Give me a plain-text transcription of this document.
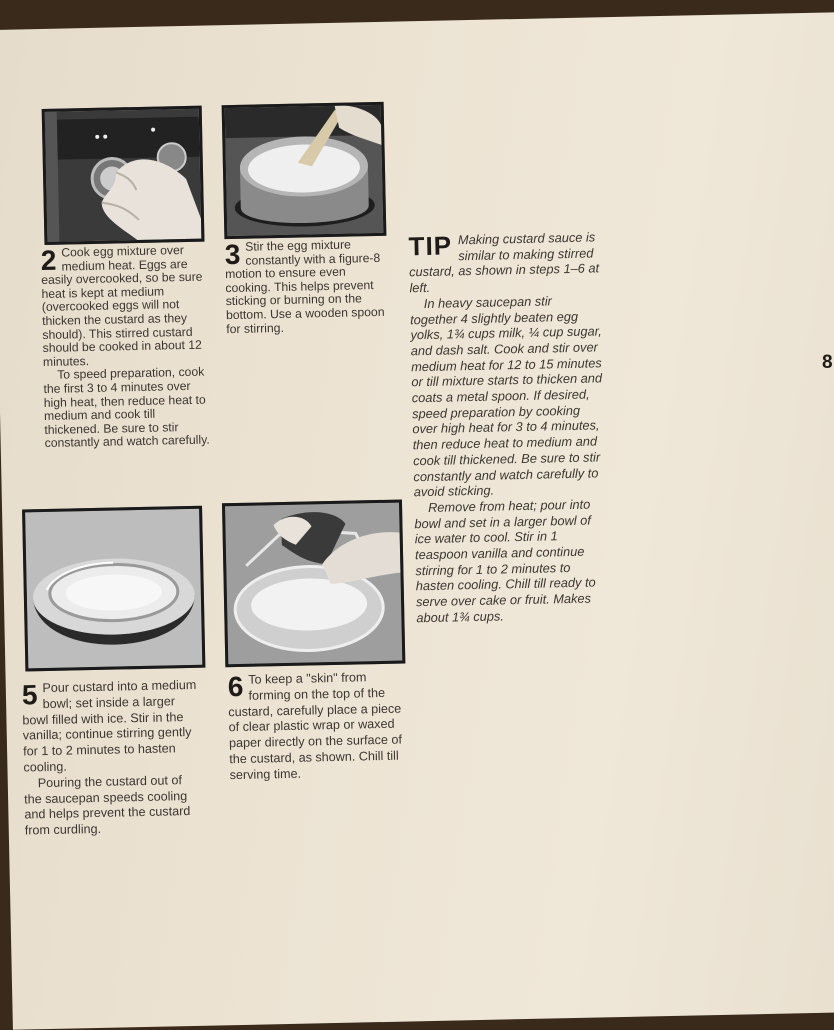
2 Cook egg mixture over medium heat. Eggs are easily overcooked, so be sure heat is kept at medium (overcooked eggs will not thicken the custard as they should). This stirred custard should be cooked in about 12 minutes.

To speed preparation, cook the first 3 to 4 minutes over high heat, then reduce heat to medium and cook till thickened. Be sure to stir constantly and watch carefully.

3 Stir the egg mixture constantly with a figure-8 motion to ensure even cooking. This helps prevent sticking or burning on the bottom. Use a wooden spoon for stirring.

TIP Making custard sauce is similar to making stirred custard, as shown in steps 1–6 at left.

In heavy saucepan stir together 4 slightly beaten egg yolks, 1¾ cups milk, ¼ cup sugar, and dash salt. Cook and stir over medium heat for 12 to 15 minutes or till mixture starts to thicken and coats a metal spoon. If desired, speed preparation by cooking over high heat for 3 to 4 minutes, then reduce heat to medium and cook till thickened. Be sure to stir constantly and watch carefully to avoid sticking.

Remove from heat; pour into bowl and set in a larger bowl of ice water to cool. Stir in 1 teaspoon vanilla and continue stirring for 1 to 2 minutes to hasten cooling. Chill till ready to serve over cake or fruit. Makes about 1¾ cups.

5 Pour custard into a medium bowl; set inside a larger bowl filled with ice. Stir in the vanilla; continue stirring gently for 1 to 2 minutes to hasten cooling.

Pouring the custard out of the saucepan speeds cooling and helps prevent the custard from curdling.

6 To keep a "skin" from forming on the top of the custard, carefully place a piece of clear plastic wrap or waxed paper directly on the surface of the custard, as shown. Chill till serving time.

8
